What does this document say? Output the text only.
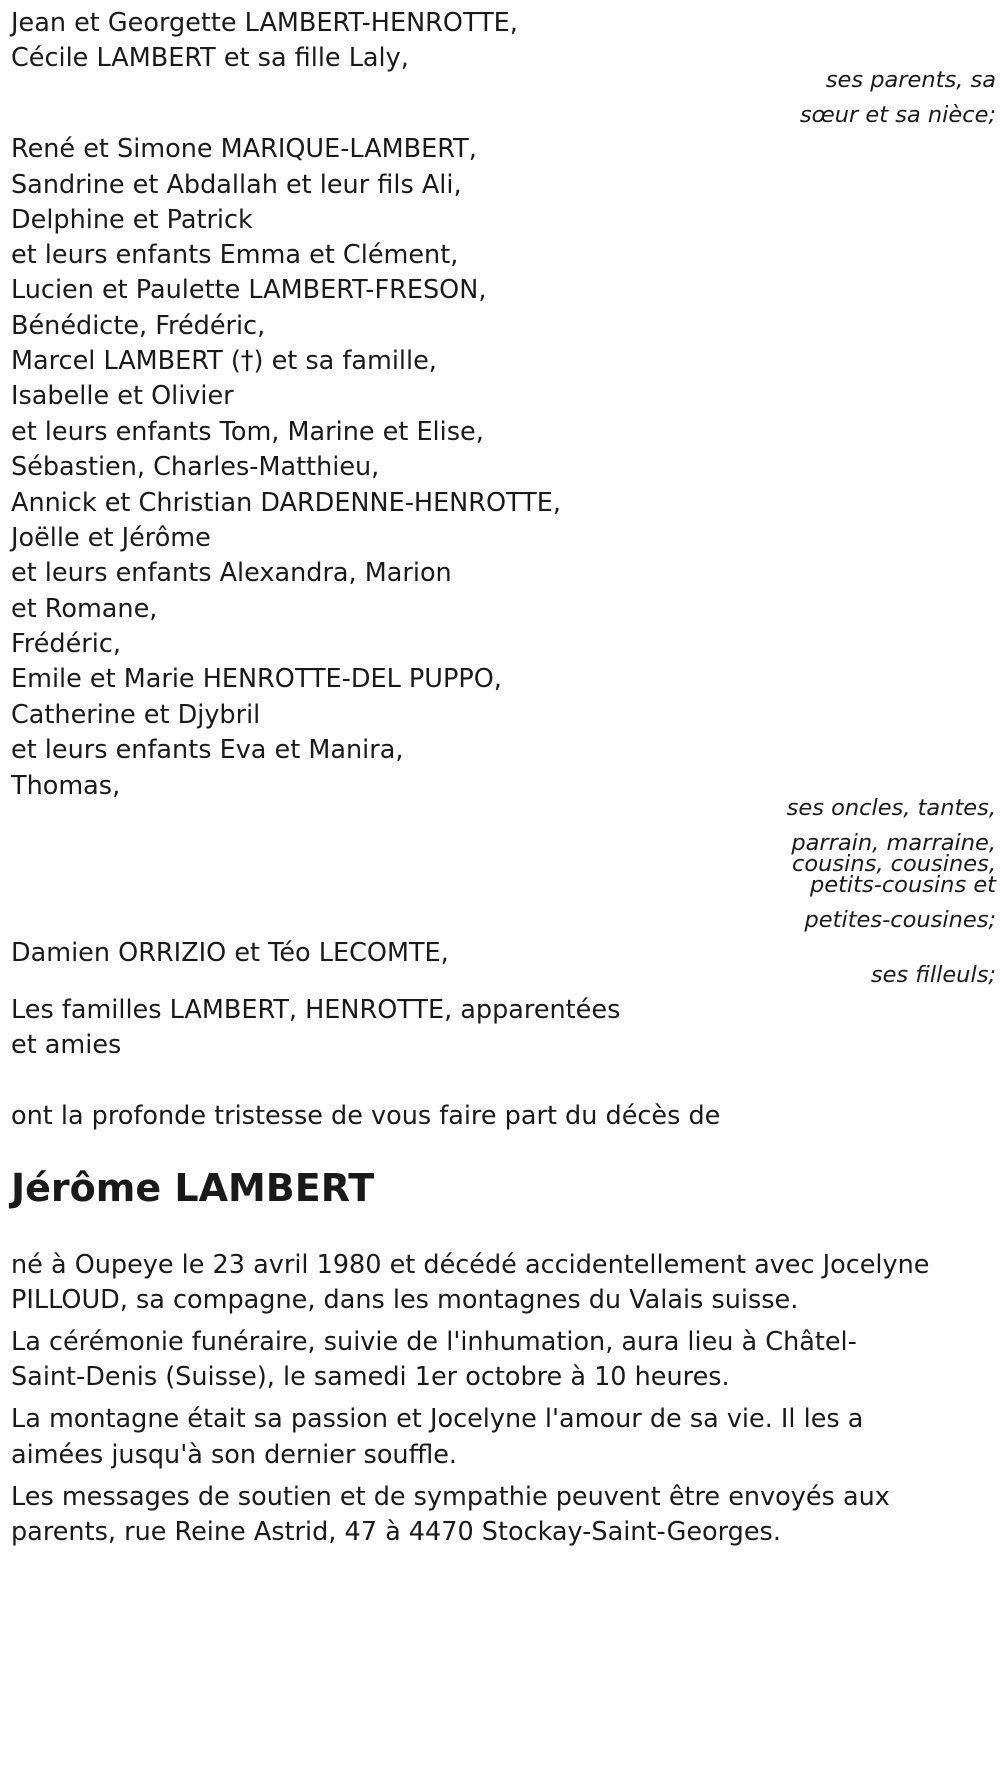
Jean et Georgette LAMBERT-HENROTTE,
Cécile LAMBERT et sa fille Laly,
ses parents, sa
sœur et sa nièce;
René et Simone MARIQUE-LAMBERT,
Sandrine et Abdallah et leur fils Ali,
Delphine et Patrick
et leurs enfants Emma et Clément,
Lucien et Paulette LAMBERT-FRESON,
Bénédicte, Frédéric,
Marcel LAMBERT (†) et sa famille,
Isabelle et Olivier
et leurs enfants Tom, Marine et Elise,
Sébastien, Charles-Matthieu,
Annick et Christian DARDENNE-HENROTTE,
Joëlle et Jérôme
et leurs enfants Alexandra, Marion
et Romane,
Frédéric,
Emile et Marie HENROTTE-DEL PUPPO,
Catherine et Djybril
et leurs enfants Eva et Manira,
Thomas,
ses oncles, tantes,
parrain, marraine,
cousins, cousines,
petits-cousins et
petites-cousines;
Damien ORRIZIO et Téo LECOMTE,
ses filleuls;
Les familles LAMBERT, HENROTTE, apparentées
et amies
ont la profonde tristesse de vous faire part du décès de
Jérôme LAMBERT
né à Oupeye le 23 avril 1980 et décédé accidentellement avec Jocelyne
PILLOUD, sa compagne, dans les montagnes du Valais suisse.
La cérémonie funéraire, suivie de l'inhumation, aura lieu à Châtel-
Saint-Denis (Suisse), le samedi 1er octobre à 10 heures.
La montagne était sa passion et Jocelyne l'amour de sa vie. Il les a
aimées jusqu'à son dernier souffle.
Les messages de soutien et de sympathie peuvent être envoyés aux
parents, rue Reine Astrid, 47 à 4470 Stockay-Saint-Georges.
